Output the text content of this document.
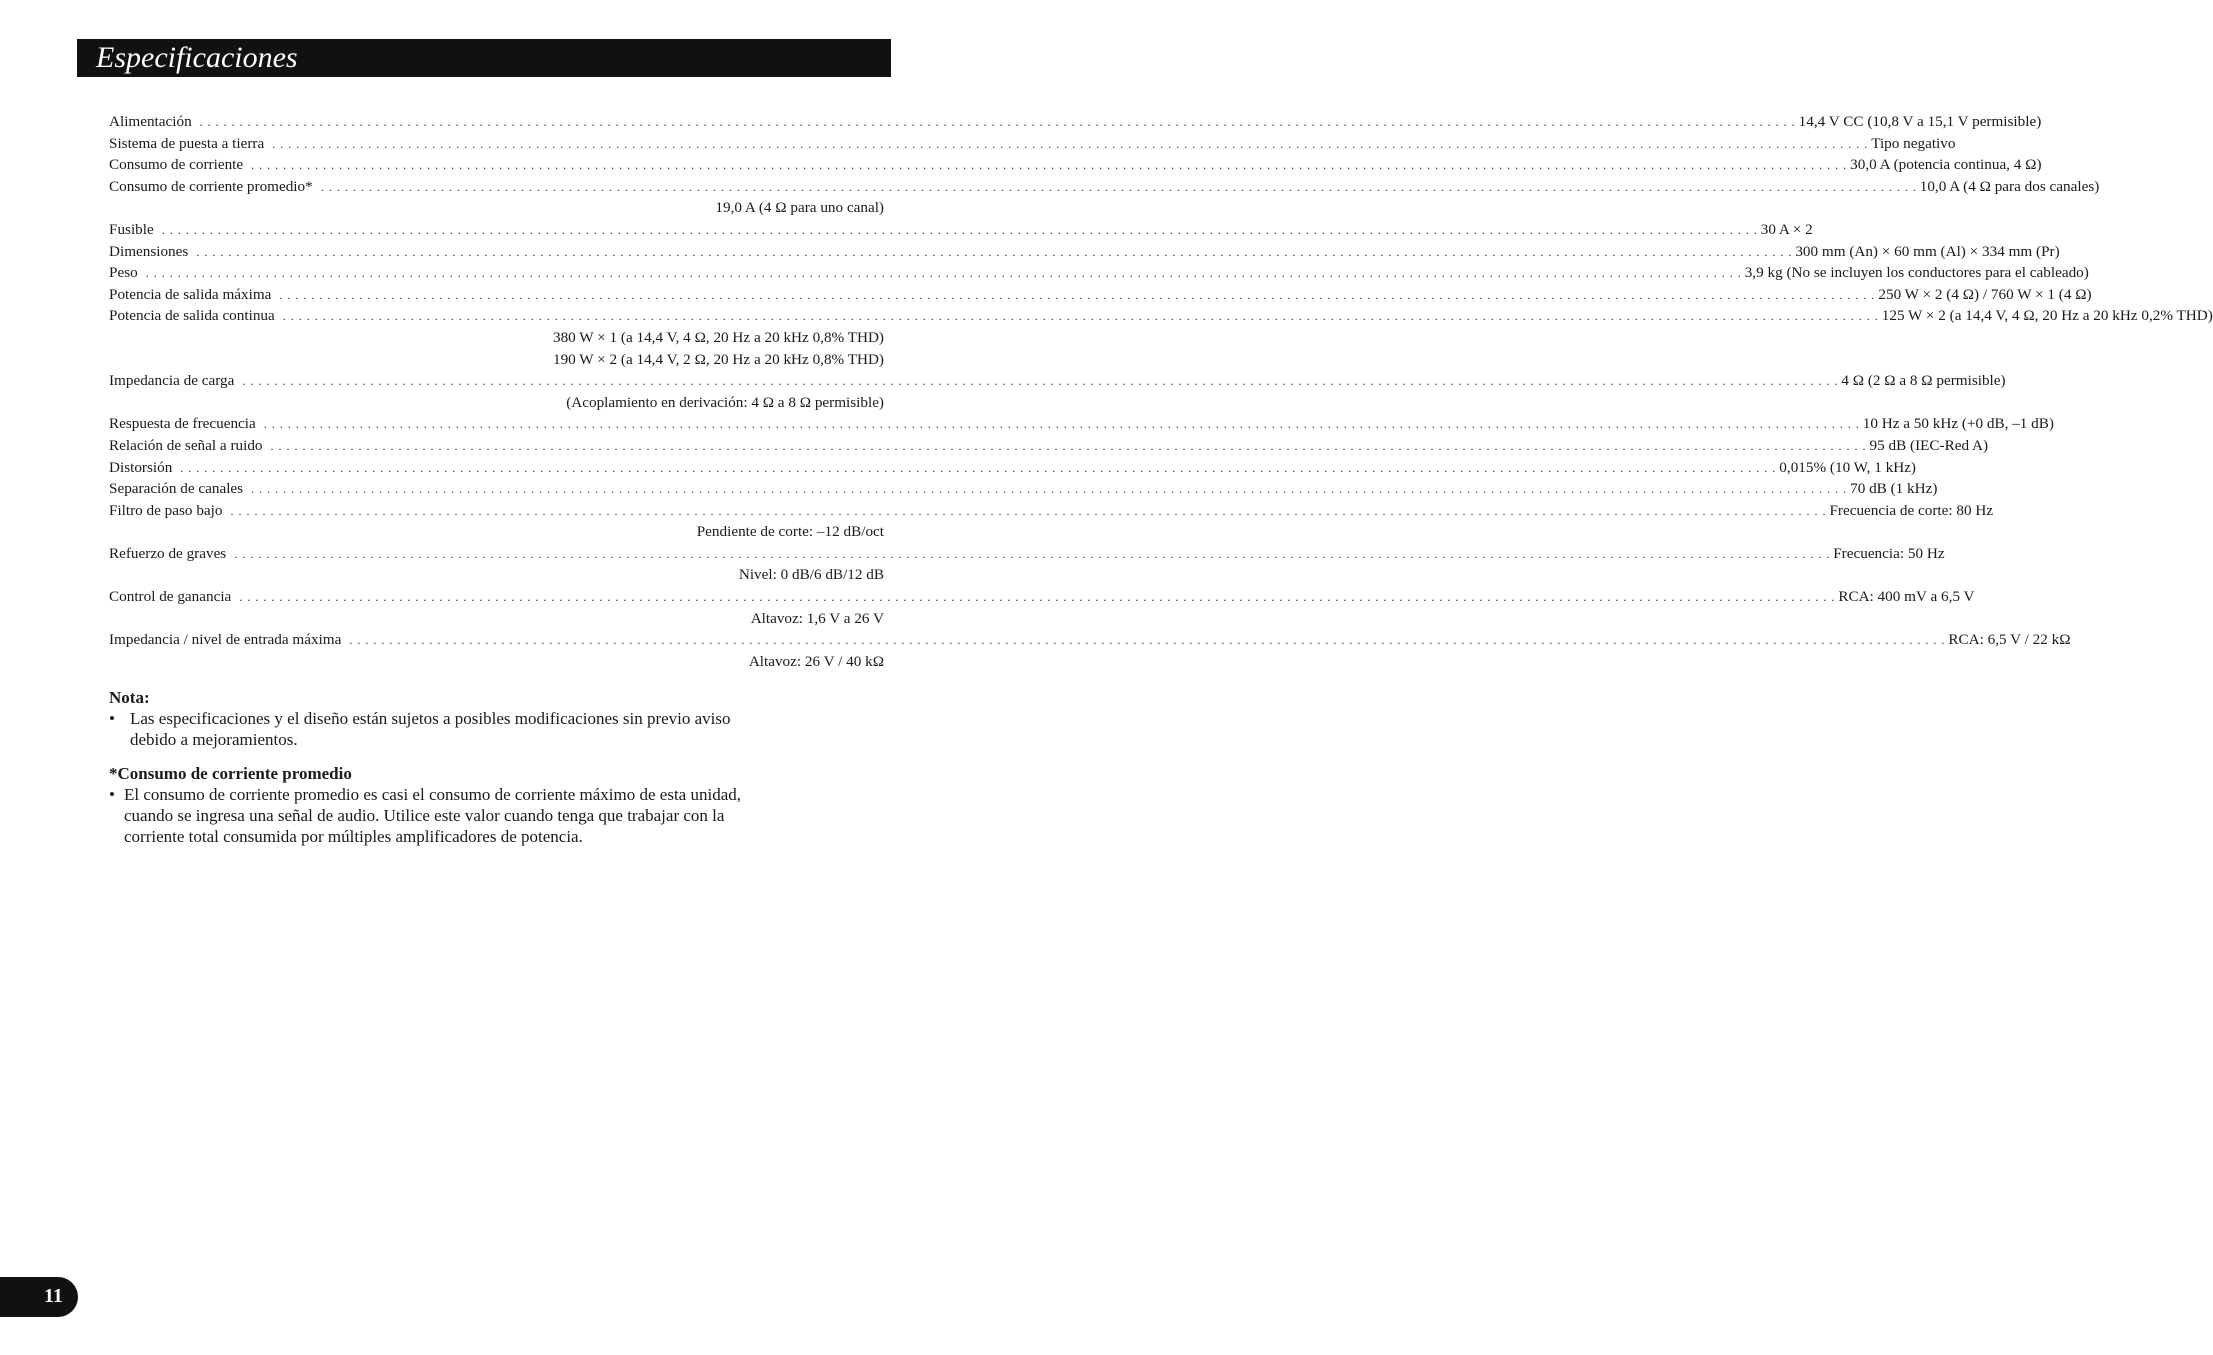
Especificaciones
Alimentación . . . . . . . . . . . . . . . . . . . . . . . . . . . . . . . . . . . . . . . . . . . . . . . . . . . . . . . . . . . . . . . . . . . . . . . . . . . . . . . . . . . . . . . . . . . . . . . . . . . . . . . . . . . . . . . . . . . . . . . . . . . . . . . . . . . . . . . . . . . . . . . . . . . . . . . . . . . . . . . . . . . . . . . . . . . . . . . . . . . . . . . . . . . . . . . . . . . . . . . . 14,4 V CC (10,8 V a 15,1 V permisible)
Sistema de puesta a tierra . . . . . . . . . . . . . . . . . . . . . . . . . . . . . . . . . . . . . . . . . . . . . . . . . . . . . . . . . . . . . . . . . . . . . . . . . . . . . . . . . . . . . . . . . . . . . . . . . . . . . . . . . . . . . . . . . . . . . . . . . . . . . . . . . . . . . . . . . . . . . . . . . . . . . . . . . . . . . . . . . . . . . . . . . . . . . . . . . . . . . . . . . . . . . . . . . . . . . . . . Tipo negativo
Consumo de corriente . . . . . . . . . . . . . . . . . . . . . . . . . . . . . . . . . . . . . . . . . . . . . . . . . . . . . . . . . . . . . . . . . . . . . . . . . . . . . . . . . . . . . . . . . . . . . . . . . . . . . . . . . . . . . . . . . . . . . . . . . . . . . . . . . . . . . . . . . . . . . . . . . . . . . . . . . . . . . . . . . . . . . . . . . . . . . . . . . . . . . . . . . . . . . . . . . . . . . . . . 30,0 A (potencia continua, 4 Ω)
Consumo de corriente promedio* . . . . . . . . . . . . . . . . . . . . . . . . . . . . . . . . . . . . . . . . . . . . . . . . . . . . . . . . . . . . . . . . . . . . . . . . . . . . . . . . . . . . . . . . . . . . . . . . . . . . . . . . . . . . . . . . . . . . . . . . . . . . . . . . . . . . . . . . . . . . . . . . . . . . . . . . . . . . . . . . . . . . . . . . . . . . . . . . . . . . . . . . . . . . . . . . . . . . . . . . 10,0 A (4 Ω para dos canales)
19,0 A (4 Ω para uno canal)
Fusible . . . . . . . . . . . . . . . . . . . . . . . . . . . . . . . . . . . . . . . . . . . . . . . . . . . . . . . . . . . . . . . . . . . . . . . . . . . . . . . . . . . . . . . . . . . . . . . . . . . . . . . . . . . . . . . . . . . . . . . . . . . . . . . . . . . . . . . . . . . . . . . . . . . . . . . . . . . . . . . . . . . . . . . . . . . . . . . . . . . . . . . . . . . . . . . . . . . . . . . . 30 A × 2
Dimensiones . . . . . . . . . . . . . . . . . . . . . . . . . . . . . . . . . . . . . . . . . . . . . . . . . . . . . . . . . . . . . . . . . . . . . . . . . . . . . . . . . . . . . . . . . . . . . . . . . . . . . . . . . . . . . . . . . . . . . . . . . . . . . . . . . . . . . . . . . . . . . . . . . . . . . . . . . . . . . . . . . . . . . . . . . . . . . . . . . . . . . . . . . . . . . . . . . . . . . . . . 300 mm (An) × 60 mm (Al) × 334 mm (Pr)
Peso . . . . . . . . . . . . . . . . . . . . . . . . . . . . . . . . . . . . . . . . . . . . . . . . . . . . . . . . . . . . . . . . . . . . . . . . . . . . . . . . . . . . . . . . . . . . . . . . . . . . . . . . . . . . . . . . . . . . . . . . . . . . . . . . . . . . . . . . . . . . . . . . . . . . . . . . . . . . . . . . . . . . . . . . . . . . . . . . . . . . . . . . . . . . . . . . . . . . . . . . 3,9 kg (No se incluyen los conductores para el cableado)
Potencia de salida máxima . . . . . . . . . . . . . . . . . . . . . . . . . . . . . . . . . . . . . . . . . . . . . . . . . . . . . . . . . . . . . . . . . . . . . . . . . . . . . . . . . . . . . . . . . . . . . . . . . . . . . . . . . . . . . . . . . . . . . . . . . . . . . . . . . . . . . . . . . . . . . . . . . . . . . . . . . . . . . . . . . . . . . . . . . . . . . . . . . . . . . . . . . . . . . . . . . . . . . . . . 250 W × 2 (4 Ω) / 760 W × 1 (4 Ω)
Potencia de salida continua . . . . . . . . . . . . . . . . . . . . . . . . . . . . . . . . . . . . . . . . . . . . . . . . . . . . . . . . . . . . . . . . . . . . . . . . . . . . . . . . . . . . . . . . . . . . . . . . . . . . . . . . . . . . . . . . . . . . . . . . . . . . . . . . . . . . . . . . . . . . . . . . . . . . . . . . . . . . . . . . . . . . . . . . . . . . . . . . . . . . . . . . . . . . . . . . . . . . . . . . 125 W × 2 (a 14,4 V, 4 Ω, 20 Hz a 20 kHz 0,2% THD)
380 W × 1 (a 14,4 V, 4 Ω, 20 Hz a 20 kHz 0,8% THD)
190 W × 2 (a 14,4 V, 2 Ω, 20 Hz a 20 kHz 0,8% THD)
Impedancia de carga . . . . . . . . . . . . . . . . . . . . . . . . . . . . . . . . . . . . . . . . . . . . . . . . . . . . . . . . . . . . . . . . . . . . . . . . . . . . . . . . . . . . . . . . . . . . . . . . . . . . . . . . . . . . . . . . . . . . . . . . . . . . . . . . . . . . . . . . . . . . . . . . . . . . . . . . . . . . . . . . . . . . . . . . . . . . . . . . . . . . . . . . . . . . . . . . . . . . . . . . 4 Ω (2 Ω a 8 Ω permisible)
(Acoplamiento en derivación: 4 Ω a 8 Ω permisible)
Respuesta de frecuencia . . . . . . . . . . . . . . . . . . . . . . . . . . . . . . . . . . . . . . . . . . . . . . . . . . . . . . . . . . . . . . . . . . . . . . . . . . . . . . . . . . . . . . . . . . . . . . . . . . . . . . . . . . . . . . . . . . . . . . . . . . . . . . . . . . . . . . . . . . . . . . . . . . . . . . . . . . . . . . . . . . . . . . . . . . . . . . . . . . . . . . . . . . . . . . . . . . . . . . . . 10 Hz a 50 kHz (+0 dB, –1 dB)
Relación de señal a ruido . . . . . . . . . . . . . . . . . . . . . . . . . . . . . . . . . . . . . . . . . . . . . . . . . . . . . . . . . . . . . . . . . . . . . . . . . . . . . . . . . . . . . . . . . . . . . . . . . . . . . . . . . . . . . . . . . . . . . . . . . . . . . . . . . . . . . . . . . . . . . . . . . . . . . . . . . . . . . . . . . . . . . . . . . . . . . . . . . . . . . . . . . . . . . . . . . . . . . . . . 95 dB (IEC-Red A)
Distorsión . . . . . . . . . . . . . . . . . . . . . . . . . . . . . . . . . . . . . . . . . . . . . . . . . . . . . . . . . . . . . . . . . . . . . . . . . . . . . . . . . . . . . . . . . . . . . . . . . . . . . . . . . . . . . . . . . . . . . . . . . . . . . . . . . . . . . . . . . . . . . . . . . . . . . . . . . . . . . . . . . . . . . . . . . . . . . . . . . . . . . . . . . . . . . . . . . . . . . . . . 0,015% (10 W, 1 kHz)
Separación de canales . . . . . . . . . . . . . . . . . . . . . . . . . . . . . . . . . . . . . . . . . . . . . . . . . . . . . . . . . . . . . . . . . . . . . . . . . . . . . . . . . . . . . . . . . . . . . . . . . . . . . . . . . . . . . . . . . . . . . . . . . . . . . . . . . . . . . . . . . . . . . . . . . . . . . . . . . . . . . . . . . . . . . . . . . . . . . . . . . . . . . . . . . . . . . . . . . . . . . . . . 70 dB (1 kHz)
Filtro de paso bajo . . . . . . . . . . . . . . . . . . . . . . . . . . . . . . . . . . . . . . . . . . . . . . . . . . . . . . . . . . . . . . . . . . . . . . . . . . . . . . . . . . . . . . . . . . . . . . . . . . . . . . . . . . . . . . . . . . . . . . . . . . . . . . . . . . . . . . . . . . . . . . . . . . . . . . . . . . . . . . . . . . . . . . . . . . . . . . . . . . . . . . . . . . . . . . . . . . . . . . . . Frecuencia de corte: 80 Hz
Pendiente de corte: –12 dB/oct
Refuerzo de graves . . . . . . . . . . . . . . . . . . . . . . . . . . . . . . . . . . . . . . . . . . . . . . . . . . . . . . . . . . . . . . . . . . . . . . . . . . . . . . . . . . . . . . . . . . . . . . . . . . . . . . . . . . . . . . . . . . . . . . . . . . . . . . . . . . . . . . . . . . . . . . . . . . . . . . . . . . . . . . . . . . . . . . . . . . . . . . . . . . . . . . . . . . . . . . . . . . . . . . . . Frecuencia: 50 Hz
Nivel: 0 dB/6 dB/12 dB
Control de ganancia . . . . . . . . . . . . . . . . . . . . . . . . . . . . . . . . . . . . . . . . . . . . . . . . . . . . . . . . . . . . . . . . . . . . . . . . . . . . . . . . . . . . . . . . . . . . . . . . . . . . . . . . . . . . . . . . . . . . . . . . . . . . . . . . . . . . . . . . . . . . . . . . . . . . . . . . . . . . . . . . . . . . . . . . . . . . . . . . . . . . . . . . . . . . . . . . . . . . . . . . RCA: 400 mV a 6,5 V
Altavoz: 1,6 V a 26 V
Impedancia / nivel de entrada máxima . . . . . . . . . . . . . . . . . . . . . . . . . . . . . . . . . . . . . . . . . . . . . . . . . . . . . . . . . . . . . . . . . . . . . . . . . . . . . . . . . . . . . . . . . . . . . . . . . . . . . . . . . . . . . . . . . . . . . . . . . . . . . . . . . . . . . . . . . . . . . . . . . . . . . . . . . . . . . . . . . . . . . . . . . . . . . . . . . . . . . . . . . . . . . . . . . . . . . . . . RCA: 6,5 V / 22 kΩ
Altavoz: 26 V / 40 kΩ
Nota:
• Las especificaciones y el diseño están sujetos a posibles modificaciones sin previo aviso debido a mejoramientos.
*Consumo de corriente promedio
• El consumo de corriente promedio es casi el consumo de corriente máximo de esta unidad, cuando se ingresa una señal de audio. Utilice este valor cuando tenga que trabajar con la corriente total consumida por múltiples amplificadores de potencia.
11
